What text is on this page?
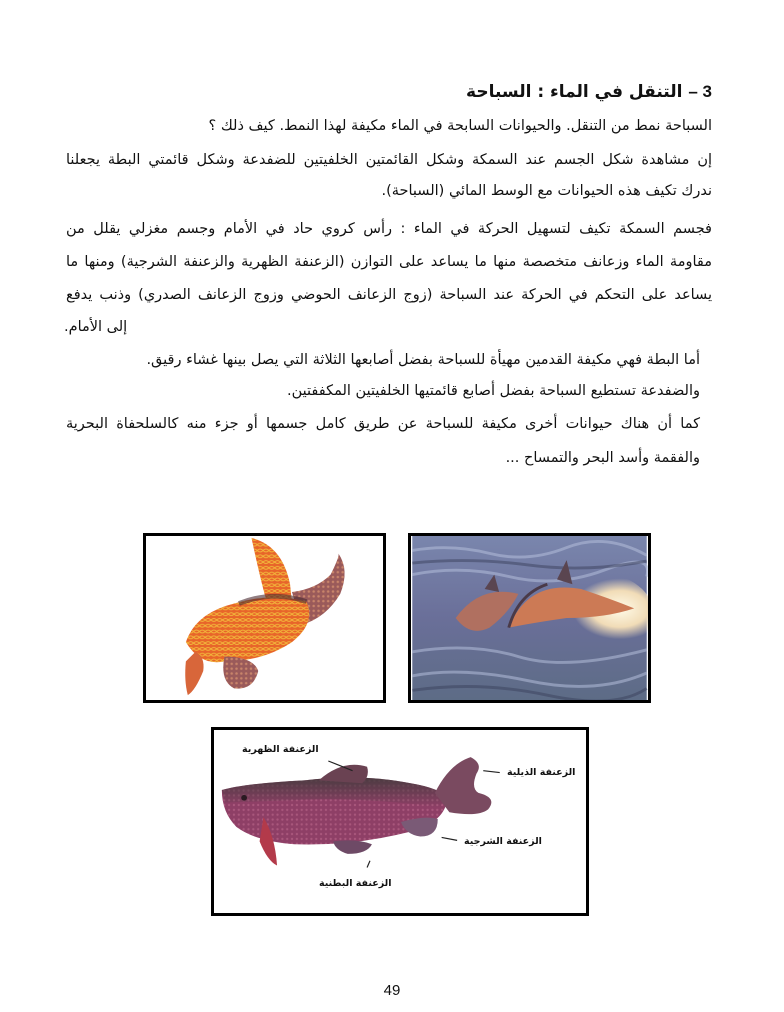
3 – التنقل في الماء : السباحة
السباحة نمط من التنقل. والحيوانات السابحة في الماء مكيفة لهذا النمط. كيف ذلك ؟
إن مشاهدة شكل الجسم عند السمكة وشكل القائمتين الخلفيتين للضفدعة وشكل قائمتي البطة يجعلنا
ندرك تكيف هذه الحيوانات مع الوسط المائي (السباحة).
فجسم السمكة تكيف لتسهيل الحركة في الماء : رأس كروي حاد في الأمام وجسم مغزلي يقلل من
مقاومة الماء وزعانف متخصصة منها ما يساعد على التوازن (الزعنفة الظهرية والزعنفة الشرجية) ومنها ما
يساعد على التحكم في الحركة عند السباحة (زوج الزعانف الحوضي وزوج الزعانف الصدري) وذنب يدفع
إلى الأمام.
أما البطة فهي مكيفة القدمين مهيأة للسباحة بفضل أصابعها الثلاثة التي يصل بينها غشاء رقيق.
والضفدعة تستطيع السباحة بفضل أصابع قائمتيها الخلفيتين المكففتين.
كما أن هناك حيوانات أخرى مكيفة للسباحة عن طريق كامل جسمها أو جزء منه كالسلحفاة البحرية
والفقمة وأسد البحر والتمساح ...
الزعنفة الظهرية
الزعنفة الذيلية
الزعنفة الشرجية
الزعنفة البطنية
49
